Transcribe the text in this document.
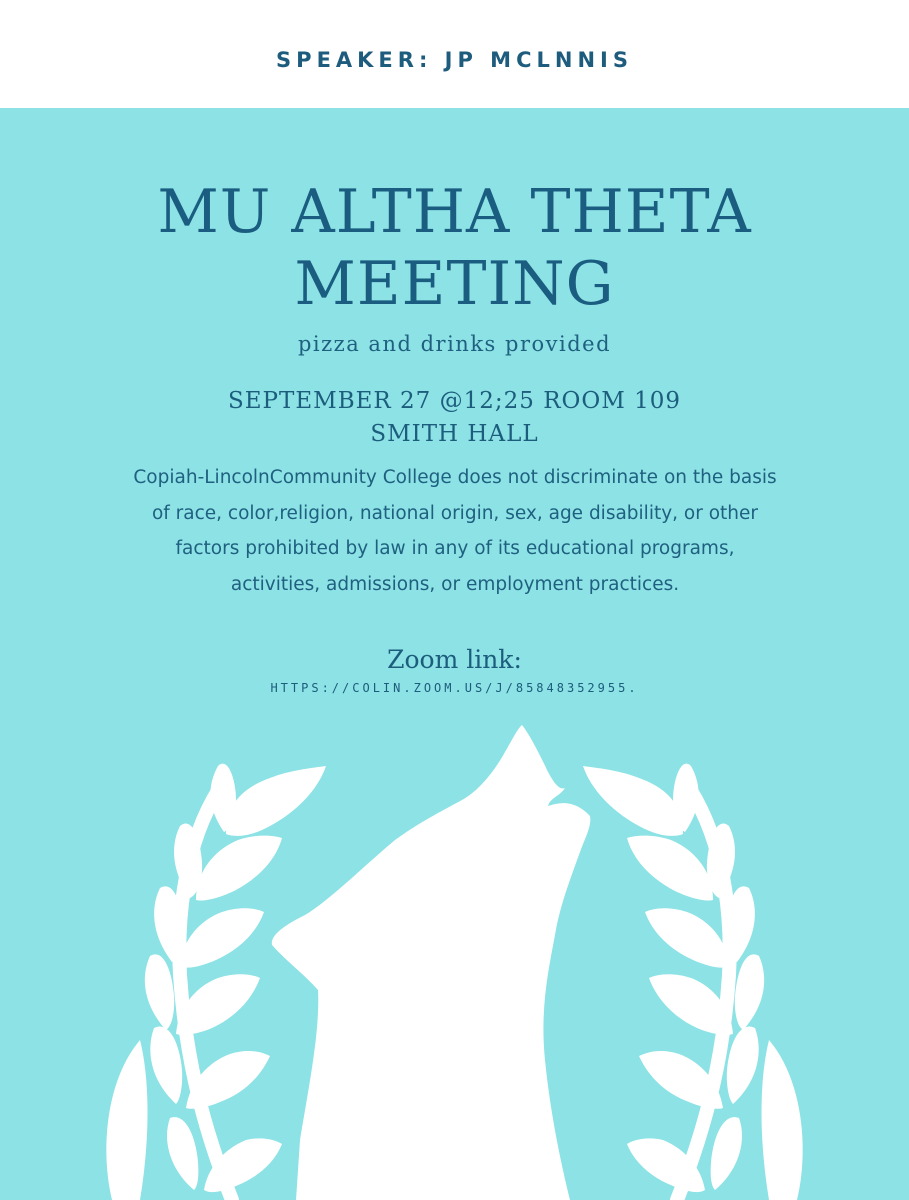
SPEAKER: JP MCLNNIS
MU ALTHA THETA
MEETING
pizza and drinks provided
SEPTEMBER 27 @12;25 ROOM 109
SMITH HALL
Copiah-LincolnCommunity College does not discriminate on the basis of race, color,religion, national origin, sex, age disability, or other factors prohibited by law in any of its educational programs, activities, admissions, or employment practices.
Zoom link:
HTTPS://COLIN.ZOOM.US/J/85848352955.
